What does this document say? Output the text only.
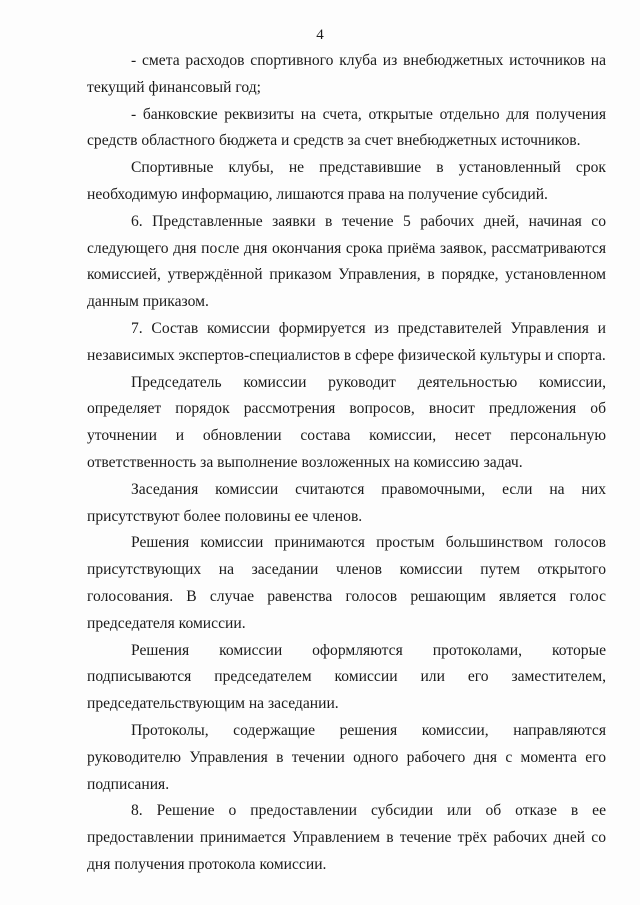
4

- смета расходов спортивного клуба из внебюджетных источников на текущий финансовый год;

- банковские реквизиты на счета, открытые отдельно для получения средств областного бюджета и средств за счет внебюджетных источников.

Спортивные клубы, не представившие в установленный срок необходимую информацию, лишаются права на получение субсидий.

6. Представленные заявки в течение 5 рабочих дней, начиная со следующего дня после дня окончания срока приёма заявок, рассматриваются комиссией, утверждённой приказом Управления, в порядке, установленном данным приказом.

7. Состав комиссии формируется из представителей Управления и независимых экспертов-специалистов в сфере физической культуры и спорта.

Председатель комиссии руководит деятельностью комиссии, определяет порядок рассмотрения вопросов, вносит предложения об уточнении и обновлении состава комиссии, несет персональную ответственность за выполнение возложенных на комиссию задач.

Заседания комиссии считаются правомочными, если на них присутствуют более половины ее членов.

Решения комиссии принимаются простым большинством голосов присутствующих на заседании членов комиссии путем открытого голосования. В случае равенства голосов решающим является голос председателя комиссии.

Решения комиссии оформляются протоколами, которые подписываются председателем комиссии или его заместителем, председательствующим на заседании.

Протоколы, содержащие решения комиссии, направляются руководителю Управления в течении одного рабочего дня с момента его подписания.

8. Решение о предоставлении субсидии или об отказе в ее предоставлении принимается Управлением в течение трёх рабочих дней со дня получения протокола комиссии.
